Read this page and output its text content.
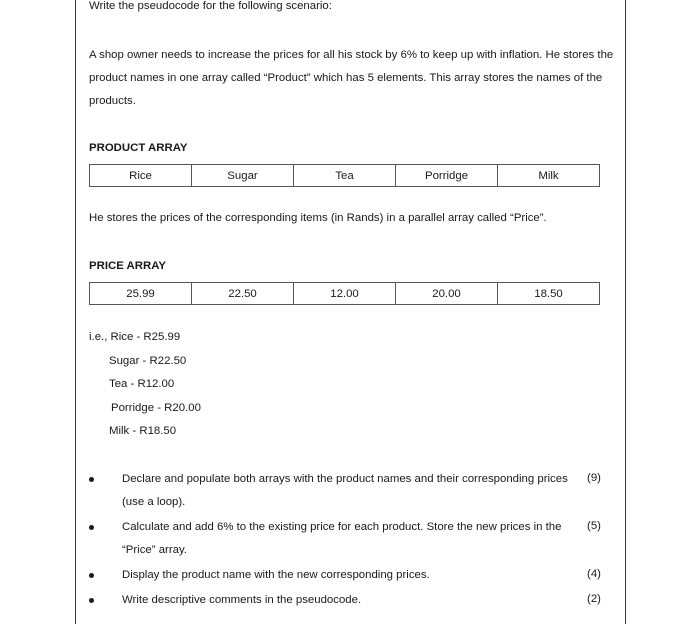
Write the pseudocode for the following scenario:
A shop owner needs to increase the prices for all his stock by 6% to keep up with inflation. He stores the product names in one array called “Product” which has 5 elements. This array stores the names of the products.
PRODUCT ARRAY
Rice	Sugar	Tea	Porridge	Milk
He stores the prices of the corresponding items (in Rands) in a parallel array called “Price”.
PRICE ARRAY
25.99	22.50	12.00	20.00	18.50
i.e., Rice - R25.99
Sugar - R22.50
Tea - R12.00
Porridge - R20.00
Milk - R18.50
Declare and populate both arrays with the product names and their corresponding prices (use a loop).
(9)
Calculate and add 6% to the existing price for each product. Store the new prices in the “Price” array.
(5)
Display the product name with the new corresponding prices.	(4)
Write descriptive comments in the pseudocode.	(2)
